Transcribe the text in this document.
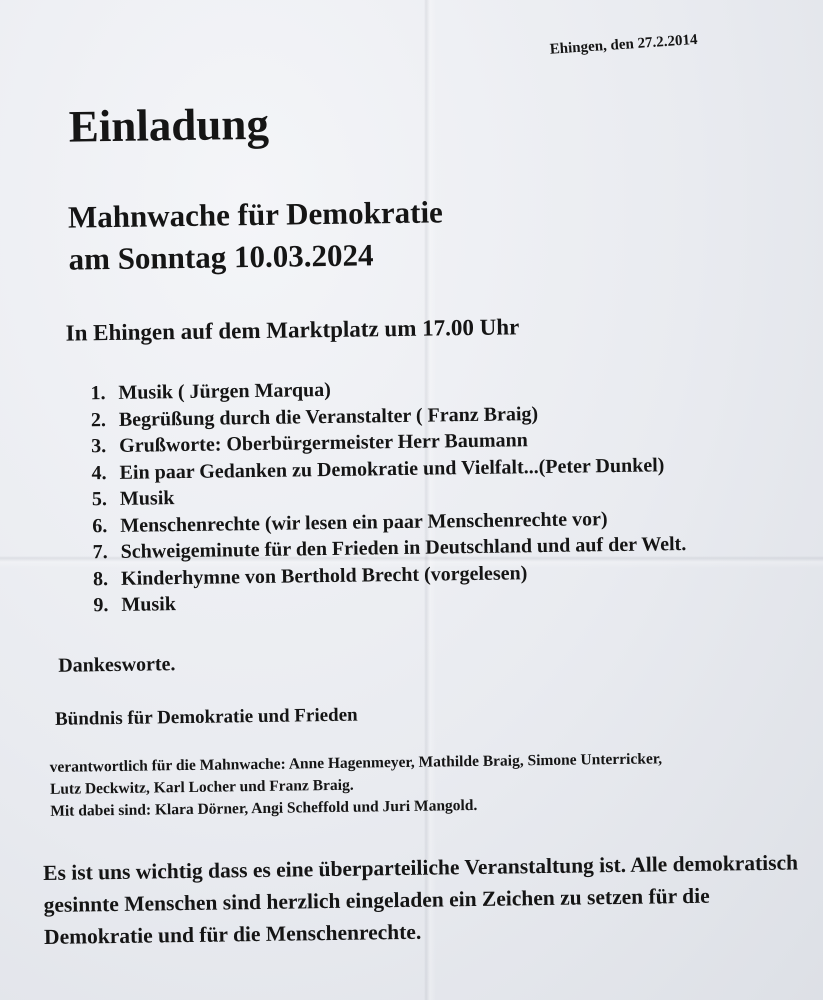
Ehingen, den 27.2.2014
Einladung
Mahnwache für Demokratie
am Sonntag 10.03.2024
In Ehingen auf dem Marktplatz um 17.00 Uhr
1. Musik ( Jürgen Marqua)
2. Begrüßung durch die Veranstalter ( Franz Braig)
3. Grußworte: Oberbürgermeister Herr Baumann
4. Ein paar Gedanken zu Demokratie und Vielfalt...(Peter Dunkel)
5. Musik
6. Menschenrechte (wir lesen ein paar Menschenrechte vor)
7. Schweigeminute für den Frieden in Deutschland und auf der Welt.
8. Kinderhymne von Berthold Brecht (vorgelesen)
9. Musik
Dankesworte.
Bündnis für Demokratie und Frieden
verantwortlich für die Mahnwache: Anne Hagenmeyer, Mathilde Braig, Simone Unterricker,
Lutz Deckwitz, Karl Locher und Franz Braig.
Mit dabei sind: Klara Dörner, Angi Scheffold und Juri Mangold.
Es ist uns wichtig dass es eine überparteiliche Veranstaltung ist. Alle demokratisch gesinnte Menschen sind herzlich eingeladen ein Zeichen zu setzen für die Demokratie und für die Menschenrechte.
